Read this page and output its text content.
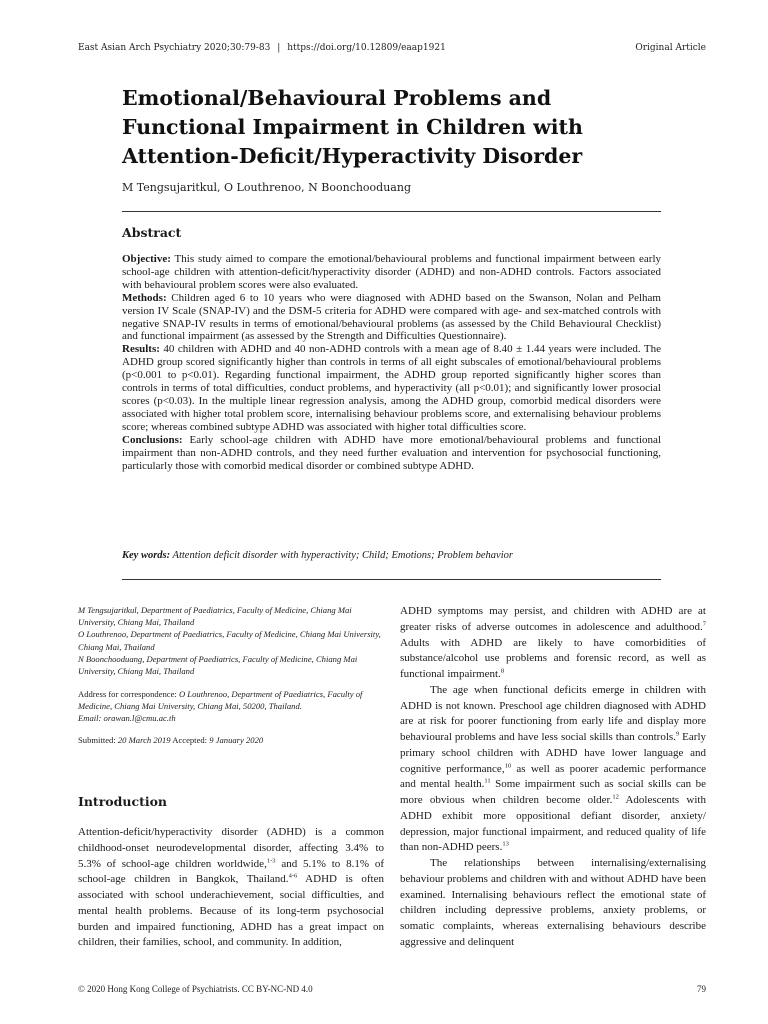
East Asian Arch Psychiatry 2020;30:79-83 | https://doi.org/10.12809/eaap1921	Original Article
Emotional/Behavioural Problems and
Functional Impairment in Children with
Attention-Deficit/Hyperactivity Disorder
M Tengsujaritkul, O Louthrenoo, N Boonchooduang
Abstract

Objective: This study aimed to compare the emotional/behavioural problems and functional impairment between early school-age children with attention-deficit/hyperactivity disorder (ADHD) and non-ADHD controls. Factors associated with behavioural problem scores were also evaluated.

Methods: Children aged 6 to 10 years who were diagnosed with ADHD based on the Swanson, Nolan and Pelham version IV Scale (SNAP-IV) and the DSM-5 criteria for ADHD were compared with age- and sex-matched controls with negative SNAP-IV results in terms of emotional/behavioural problems (as assessed by the Child Behavioural Checklist) and functional impairment (as assessed by the Strength and Difficulties Questionnaire).

Results: 40 children with ADHD and 40 non-ADHD controls with a mean age of 8.40 ± 1.44 years were included. The ADHD group scored significantly higher than controls in terms of all eight subscales of emotional/behavioural problems (p<0.001 to p<0.01). Regarding functional impairment, the ADHD group reported significantly higher scores than controls in terms of total difficulties, conduct problems, and hyperactivity (all p<0.01); and significantly lower prosocial scores (p<0.03). In the multiple linear regression analysis, among the ADHD group, comorbid medical disorders were associated with higher total problem score, internalising behaviour problems score, and externalising behaviour problems score; whereas combined subtype ADHD was associated with higher total difficulties score.

Conclusions: Early school-age children with ADHD have more emotional/behavioural problems and functional impairment than non-ADHD controls, and they need further evaluation and intervention for psychosocial functioning, particularly those with comorbid medical disorder or combined subtype ADHD.

Key words: Attention deficit disorder with hyperactivity; Child; Emotions; Problem behavior

M Tengsujaritkul, Department of Paediatrics, Faculty of Medicine, Chiang Mai University, Chiang Mai, Thailand

O Louthrenoo, Department of Paediatrics, Faculty of Medicine, Chiang Mai University, Chiang Mai, Thailand

N Boonchooduang, Department of Paediatrics, Faculty of Medicine, Chiang Mai University, Chiang Mai, Thailand

Address for correspondence: O Louthrenoo, Department of Paediatrics, Faculty of Medicine, Chiang Mai University, Chiang Mai, 50200, Thailand.

Email: orawan.l@cmu.ac.th

Submitted: 20 March 2019 Accepted: 9 January 2020
Introduction

Attention-deficit/hyperactivity disorder (ADHD) is a common childhood-onset neurodevelopmental disorder, affecting 3.4% to 5.3% of school-age children worldwide,$^{1-3}$ and 5.1% to 8.1% of school-age children in Bangkok, Thailand.$^{4-6}$ ADHD is often associated with school underachievement, social difficulties, and mental health problems. Because of its long-term psychosocial burden and impaired functioning, ADHD has a great impact on children, their families, school, and community. In addition,

ADHD symptoms may persist, and children with ADHD are at greater risks of adverse outcomes in adolescence and adulthood.$^7$ Adults with ADHD are likely to have comorbidities of substance/alcohol use problems and forensic record, as well as functional impairment.$^8$

The age when functional deficits emerge in children with ADHD is not known. Preschool age children diagnosed with ADHD are at risk for poorer functioning from early life and display more behavioural problems and have less social skills than controls.$^9$ Early primary school children with ADHD have lower language and cognitive performance,$^{10}$ as well as poorer academic performance and mental health.$^{11}$ Some impairment such as social skills can be more obvious when children become older.$^{12}$ Adolescents with ADHD exhibit more oppositional defiant disorder, anxiety/ depression, major functional impairment, and reduced quality of life than non-ADHD peers.$^{13}$

The relationships between internalising/externalising behaviour problems and children with and without ADHD have been examined. Internalising behaviours reflect the emotional state of children including depressive problems, anxiety problems, or somatic complaints, whereas externalising behaviours describe aggressive and delinquent

© 2020 Hong Kong College of Psychiatrists. CC BY-NC-ND 4.0	79
